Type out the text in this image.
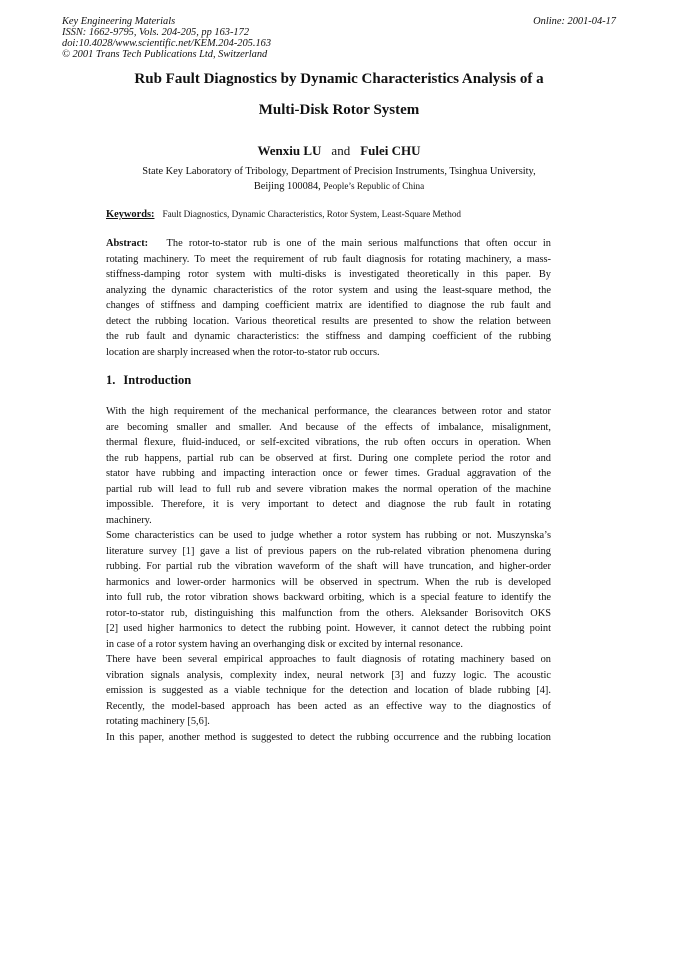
Key Engineering Materials
ISSN: 1662-9795, Vols. 204-205, pp 163-172
doi:10.4028/www.scientific.net/KEM.204-205.163
© 2001 Trans Tech Publications Ltd, Switzerland
Online: 2001-04-17
Rub Fault Diagnostics by Dynamic Characteristics Analysis of a
Multi-Disk Rotor System
Wenxiu LU and Fulei CHU
State Key Laboratory of Tribology, Department of Precision Instruments, Tsinghua University,
Beijing 100084, People’s Republic of China
Keywords: Fault Diagnostics, Dynamic Characteristics, Rotor System, Least-Square Method
Abstract: The rotor-to-stator rub is one of the main serious malfunctions that often occur in
rotating machinery. To meet the requirement of rub fault diagnosis for rotating machinery, a mass-
stiffness-damping rotor system with multi-disks is investigated theoretically in this paper. By
analyzing the dynamic characteristics of the rotor system and using the least-square method, the
changes of stiffness and damping coefficient matrix are identified to diagnose the rub fault and
detect the rubbing location. Various theoretical results are presented to show the relation between
the rub fault and dynamic characteristics: the stiffness and damping coefficient of the rubbing
location are sharply increased when the rotor-to-stator rub occurs.
1. Introduction
With the high requirement of the mechanical performance, the clearances between rotor and stator
are becoming smaller and smaller. And because of the effects of imbalance, misalignment,
thermal flexure, fluid-induced, or self-excited vibrations, the rub often occurs in operation. When
the rub happens, partial rub can be observed at first. During one complete period the rotor and
stator have rubbing and impacting interaction once or fewer times. Gradual aggravation of the
partial rub will lead to full rub and severe vibration makes the normal operation of the machine
impossible. Therefore, it is very important to detect and diagnose the rub fault in rotating
machinery.
Some characteristics can be used to judge whether a rotor system has rubbing or not. Muszynska’s
literature survey [1] gave a list of previous papers on the rub-related vibration phenomena during
rubbing. For partial rub the vibration waveform of the shaft will have truncation, and higher-order
harmonics and lower-order harmonics will be observed in spectrum. When the rub is developed
into full rub, the rotor vibration shows backward orbiting, which is a special feature to identify the
rotor-to-stator rub, distinguishing this malfunction from the others. Aleksander Borisovitch OKS
[2] used higher harmonics to detect the rubbing point. However, it cannot detect the rubbing point
in case of a rotor system having an overhanging disk or excited by internal resonance.
There have been several empirical approaches to fault diagnosis of rotating machinery based on
vibration signals analysis, complexity index, neural network [3] and fuzzy logic. The acoustic
emission is suggested as a viable technique for the detection and location of blade rubbing [4].
Recently, the model-based approach has been acted as an effective way to the diagnostics of
rotating machinery [5,6].
In this paper, another method is suggested to detect the rubbing occurrence and the rubbing location
